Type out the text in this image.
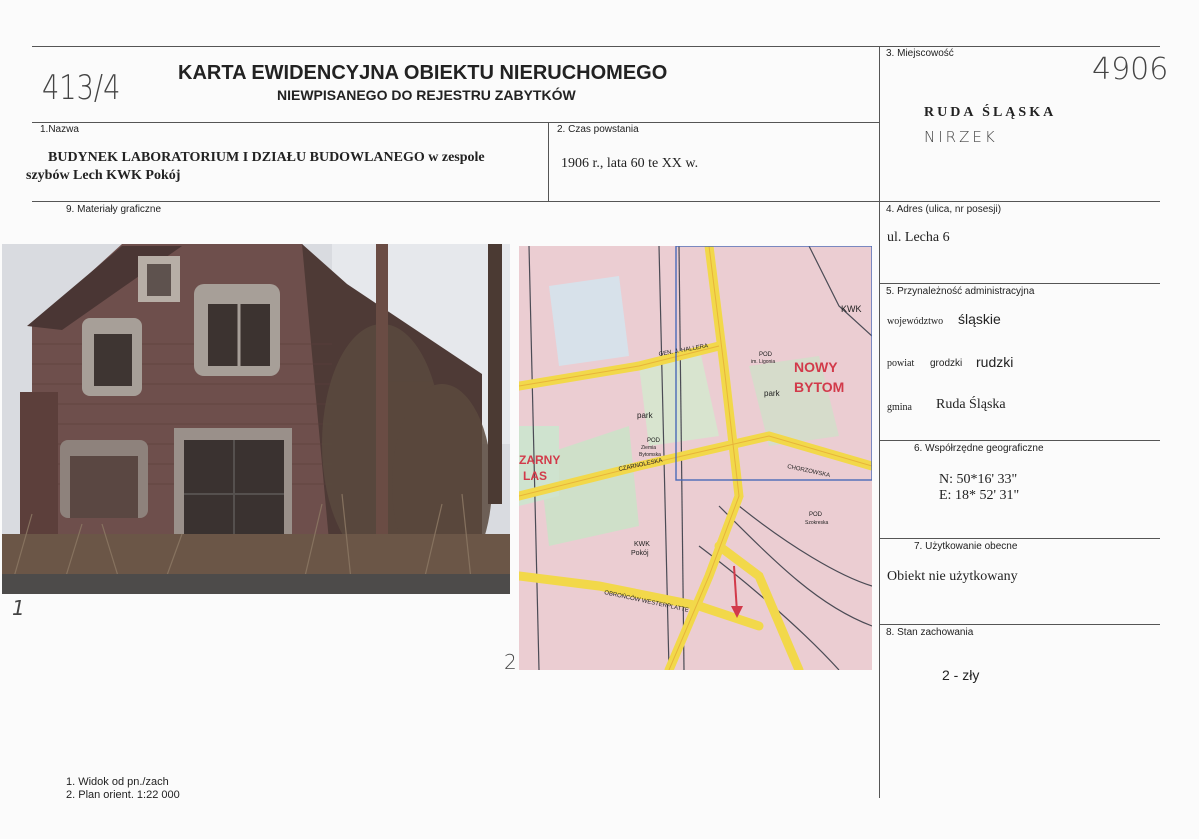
413/4	4906
NIRZEK
1
2
KARTA EWIDENCYJNA OBIEKTU NIERUCHOMEGO
NIEWPISANEGO DO REJESTRU ZABYTKÓW
1.Nazwa
BUDYNEK LABORATORIUM I DZIAŁU BUDOWLANEGO w zespole
szybów Lech KWK Pokój
2. Czas powstania
1906 r., lata 60 te XX w.
3. Miejscowość
RUDA ŚLĄSKA
9. Materiały graficzne	4. Adres (ulica, nr posesji)
ul. Lecha 6
5. Przynależność administracyjna
województwo śląskie
powiat grodzki rudzki
gmina Ruda Śląska
6. Współrzędne geograficzne
N: 50*16' 33"
E: 18* 52' 31"
7. Użytkowanie obecne
Obiekt nie użytkowany
8. Stan zachowania
2 - zły
NOWY
BYTOM
ZARNY
LAS
KWK
park
park
POD
Ziemia
Bytomska
POD
im. Ligonia
POD
Szokreska
KWK
Pokój
GEN. J. HALLERA
CZARNOLESKA
OBROŃCÓW WESTERPLATTE
CHORZOWSKA
1. Widok od pn./zach
2. Plan orient. 1:22 000
